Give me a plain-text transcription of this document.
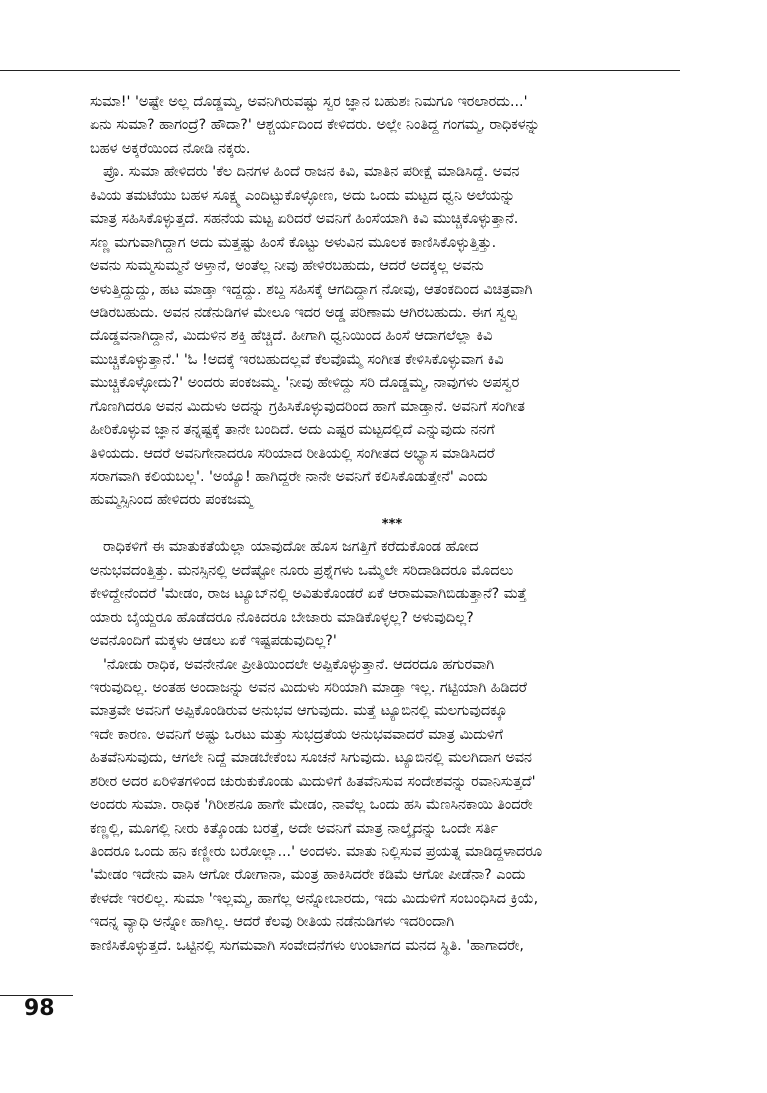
ಸುಮಾ!' 'ಅಷ್ಟೇ ಅಲ್ಲ ದೊಡ್ಡಮ್ಮ, ಅವನಿಗಿರುವಷ್ಟು ಸ್ವರ ಜ್ಞಾನ ಬಹುಶಃ ನಿಮಗೂ ಇರಲಾರದು...'
ಏನು ಸುಮಾ? ಹಾಗಂದ್ರೆ? ಹೌದಾ?' ಆಶ್ಚರ್ಯದಿಂದ ಕೇಳಿದರು. ಅಲ್ಲೇ ನಿಂತಿದ್ದ ಗಂಗಮ್ಮ, ರಾಧಿಕಳನ್ನು
ಬಹಳ ಅಕ್ಕರೆಯಿಂದ ನೋಡಿ ನಕ್ಕರು.
ಪ್ರೊ. ಸುಮಾ ಹೇಳಿದರು 'ಕೆಲ ದಿನಗಳ ಹಿಂದೆ ರಾಜನ ಕಿವಿ, ಮಾತಿನ ಪರೀಕ್ಷೆ ಮಾಡಿಸಿದ್ದೆ. ಅವನ
ಕಿವಿಯ ತಮಟೆಯು ಬಹಳ ಸೂಕ್ಷ್ಮ ಎಂದಿಟ್ಟುಕೊಳ್ಳೋಣ, ಅದು ಒಂದು ಮಟ್ಟದ ಧ್ವನಿ ಅಲೆಯನ್ನು
ಮಾತ್ರ ಸಹಿಸಿಕೊಳ್ಳುತ್ತದೆ. ಸಹನೆಯ ಮಟ್ಟ ಏರಿದರೆ ಅವನಿಗೆ ಹಿಂಸೆಯಾಗಿ ಕಿವಿ ಮುಚ್ಚಿಕೊಳ್ಳುತ್ತಾನೆ.
ಸಣ್ಣ ಮಗುವಾಗಿದ್ದಾಗ ಅದು ಮತ್ತಷ್ಟು ಹಿಂಸೆ ಕೊಟ್ಟು ಅಳುವಿನ ಮೂಲಕ ಕಾಣಿಸಿಕೊಳ್ಳುತ್ತಿತ್ತು.
ಅವನು ಸುಮ್ಮಸುಮ್ಮನೆ ಅಳ್ತಾನೆ, ಅಂತೆಲ್ಲ ನೀವು ಹೇಳಿರಬಹುದು, ಆದರೆ ಅದಕ್ಕಲ್ಲ ಅವನು
ಅಳುತ್ತಿದ್ದುದ್ದು, ಹಟ ಮಾಡ್ತಾ ಇದ್ದದ್ದು. ಶಬ್ದ ಸಹಿಸಕ್ಕೆ ಆಗದಿದ್ದಾಗ ನೋವು, ಆತಂಕದಿಂದ ವಿಚಿತ್ರವಾಗಿ
ಆಡಿರಬಹುದು. ಅವನ ನಡೆನುಡಿಗಳ ಮೇಲೂ ಇದರ ಅಡ್ಡ ಪರಿಣಾಮ ಆಗಿರಬಹುದು. ಈಗ ಸ್ವಲ್ಪ
ದೊಡ್ಡವನಾಗಿದ್ದಾನೆ, ಮಿದುಳಿನ ಶಕ್ತಿ ಹೆಚ್ಚಿದೆ. ಹೀಗಾಗಿ ಧ್ವನಿಯಿಂದ ಹಿಂಸೆ ಆದಾಗಲೆಲ್ಲಾ ಕಿವಿ
ಮುಚ್ಚಿಕೊಳ್ಳುತ್ತಾನೆ.' 'ಓ !ಅದಕ್ಕೆ ಇರಬಹುದಲ್ಲವೆ ಕೆಲವೊಮ್ಮೆ ಸಂಗೀತ ಕೇಳಿಸಿಕೊಳ್ಳುವಾಗ ಕಿವಿ
ಮುಚ್ಚಿಕೊಳ್ಳೋದು?' ಅಂದರು ಪಂಕಜಮ್ಮ. 'ನೀವು ಹೇಳಿದ್ದು ಸರಿ ದೊಡ್ಡಮ್ಮ, ನಾವುಗಳು ಅಪಸ್ವರ
ಗೊಣಗಿದರೂ ಅವನ ಮಿದುಳು ಅದನ್ನು ಗ್ರಹಿಸಿಕೊಳ್ಳುವುದರಿಂದ ಹಾಗೆ ಮಾಡ್ತಾನೆ. ಅವನಿಗೆ ಸಂಗೀತ
ಹೀರಿಕೊಳ್ಳುವ ಜ್ಞಾನ ತನ್ನಷ್ಟಕ್ಕೆ ತಾನೇ ಬಂದಿದೆ. ಅದು ಎಷ್ಟರ ಮಟ್ಟದಲ್ಲಿದೆ ಎನ್ನುವುದು ನನಗೆ
ತಿಳಿಯದು. ಆದರೆ ಅವನಿಗೇನಾದರೂ ಸರಿಯಾದ ರೀತಿಯಲ್ಲಿ ಸಂಗೀತದ ಅಭ್ಯಾಸ ಮಾಡಿಸಿದರೆ
ಸರಾಗವಾಗಿ ಕಲಿಯಬಲ್ಲ'. 'ಅಯ್ಯೊ! ಹಾಗಿದ್ದರೇ ನಾನೇ ಅವನಿಗೆ ಕಲಿಸಿಕೊಡುತ್ತೇನೆ' ಎಂದು
ಹುಮ್ಮಸ್ಸಿನಿಂದ ಹೇಳಿದರು ಪಂಕಜಮ್ಮ
***
ರಾಧಿಕಳಿಗೆ ಈ ಮಾತುಕತೆಯೆಲ್ಲಾ ಯಾವುದೋ ಹೊಸ ಜಗತ್ತಿಗೆ ಕರೆದುಕೊಂಡ ಹೋದ
ಅನುಭವದಂತ್ತಿತ್ತು. ಮನಸ್ಸಿನಲ್ಲಿ ಅದೆಷ್ಟೋ ನೂರು ಪ್ರಶ್ನೆಗಳು ಒಮ್ಮೆಲೇ ಸರಿದಾಡಿದರೂ ಮೊದಲು
ಕೇಳಿದ್ದೇನೆಂದರೆ 'ಮೇಡಂ, ರಾಜ ಟ್ಯೂಬ್‌ನಲ್ಲಿ ಅವಿತುಕೊಂಡರೆ ಏಕೆ ಆರಾಮವಾಗಿಬಿಡುತ್ತಾನೆ? ಮತ್ತೆ
ಯಾರು ಬೈಯ್ದರೂ ಹೊಡೆದರೂ ನೊಕಿದರೂ ಬೇಜಾರು ಮಾಡಿಕೊಳ್ಳಲ್ಲ? ಅಳುವುದಿಲ್ಲ?
ಅವನೊಂದಿಗೆ ಮಕ್ಕಳು ಆಡಲು ಏಕೆ ಇಷ್ಟಪಡುವುದಿಲ್ಲ?'
'ನೋಡು ರಾಧಿಕ, ಅವನೇನೋ ಪ್ರೀತಿಯಿಂದಲೇ ಅಪ್ಪಿಕೊಳ್ಳುತ್ತಾನೆ. ಆದರದೂ ಹಗುರವಾಗಿ
ಇರುವುದಿಲ್ಲ. ಅಂತಹ ಅಂದಾಜನ್ನು ಅವನ ಮಿದುಳು ಸರಿಯಾಗಿ ಮಾಡ್ತಾ ಇಲ್ಲ. ಗಟ್ಟಿಯಾಗಿ ಹಿಡಿದರೆ
ಮಾತ್ರವೇ ಅವನಿಗೆ ಅಪ್ಪಿಕೊಂಡಿರುವ ಅನುಭವ ಆಗುವುದು. ಮತ್ತೆ ಟ್ಯೂಬಿನಲ್ಲಿ ಮಲಗುವುದಕ್ಕೂ
ಇದೇ ಕಾರಣ. ಅವನಿಗೆ ಅಷ್ಟು ಒರಟು ಮತ್ತು ಸುಭದ್ರತೆಯ ಅನುಭವವಾದರೆ ಮಾತ್ರ ಮಿದುಳಿಗೆ
ಹಿತವೆನಿಸುವುದು, ಆಗಲೇ ನಿದ್ದೆ ಮಾಡಬೇಕೆಂಬ ಸೂಚನೆ ಸಿಗುವುದು. ಟ್ಯೂಬಿನಲ್ಲಿ ಮಲಗಿದಾಗ ಅವನ
ಶರೀರ ಅದರ ಏರಿಳಿತಗಳಿಂದ ಚುರುಕುಕೊಂಡು ಮಿದುಳಿಗೆ ಹಿತವೆನಿಸುವ ಸಂದೇಶವನ್ನು ರವಾನಿಸುತ್ತದೆ'
ಅಂದರು ಸುಮಾ. ರಾಧಿಕ 'ಗಿರೀಶನೂ ಹಾಗೇ ಮೇಡಂ, ನಾವೆಲ್ಲ ಒಂದು ಹಸಿ ಮೆಣಸಿನಕಾಯಿ ತಿಂದರೇ
ಕಣ್ಣಲ್ಲಿ, ಮೂಗಲ್ಲಿ ನೀರು ಕಿತ್ಕೊಂಡು ಬರತ್ತೆ, ಅದೇ ಅವನಿಗೆ ಮಾತ್ರ ನಾಲ್ಕೈದನ್ನು ಒಂದೇ ಸರ್ತಿ
ತಿಂದರೂ ಒಂದು ಹನಿ ಕಣ್ಣೀರು ಬರೋಲ್ಲಾ...' ಅಂದಳು. ಮಾತು ನಿಲ್ಲಿಸುವ ಪ್ರಯತ್ನ ಮಾಡಿದ್ದಳಾದರೂ
'ಮೇಡಂ ಇದೇನು ವಾಸಿ ಆಗೋ ರೋಗಾನಾ, ಮಂತ್ರ ಹಾಕಿಸಿದರೇ ಕಡಿಮೆ ಆಗೋ ಪೀಡೆನಾ? ಎಂದು
ಕೇಳದೇ ಇರಲಿಲ್ಲ. ಸುಮಾ 'ಇಲ್ಲಮ್ಮ, ಹಾಗೆಲ್ಲ ಅನ್ನೋಬಾರದು, ಇದು ಮಿದುಳಿಗೆ ಸಂಬಂಧಿಸಿದ ಕ್ರಿಯೆ,
ಇದನ್ನ ವ್ಯಾಧಿ ಅನ್ನೋ ಹಾಗಿಲ್ಲ. ಆದರೆ ಕೆಲವು ರೀತಿಯ ನಡೆನುಡಿಗಳು ಇದರಿಂದಾಗಿ
ಕಾಣಿಸಿಕೊಳ್ಳುತ್ತದೆ. ಒಟ್ಟಿನಲ್ಲಿ ಸುಗಮವಾಗಿ ಸಂವೇದನೆಗಳು ಉಂಟಾಗದ ಮನದ ಸ್ಥಿತಿ. 'ಹಾಗಾದರೇ,
98
